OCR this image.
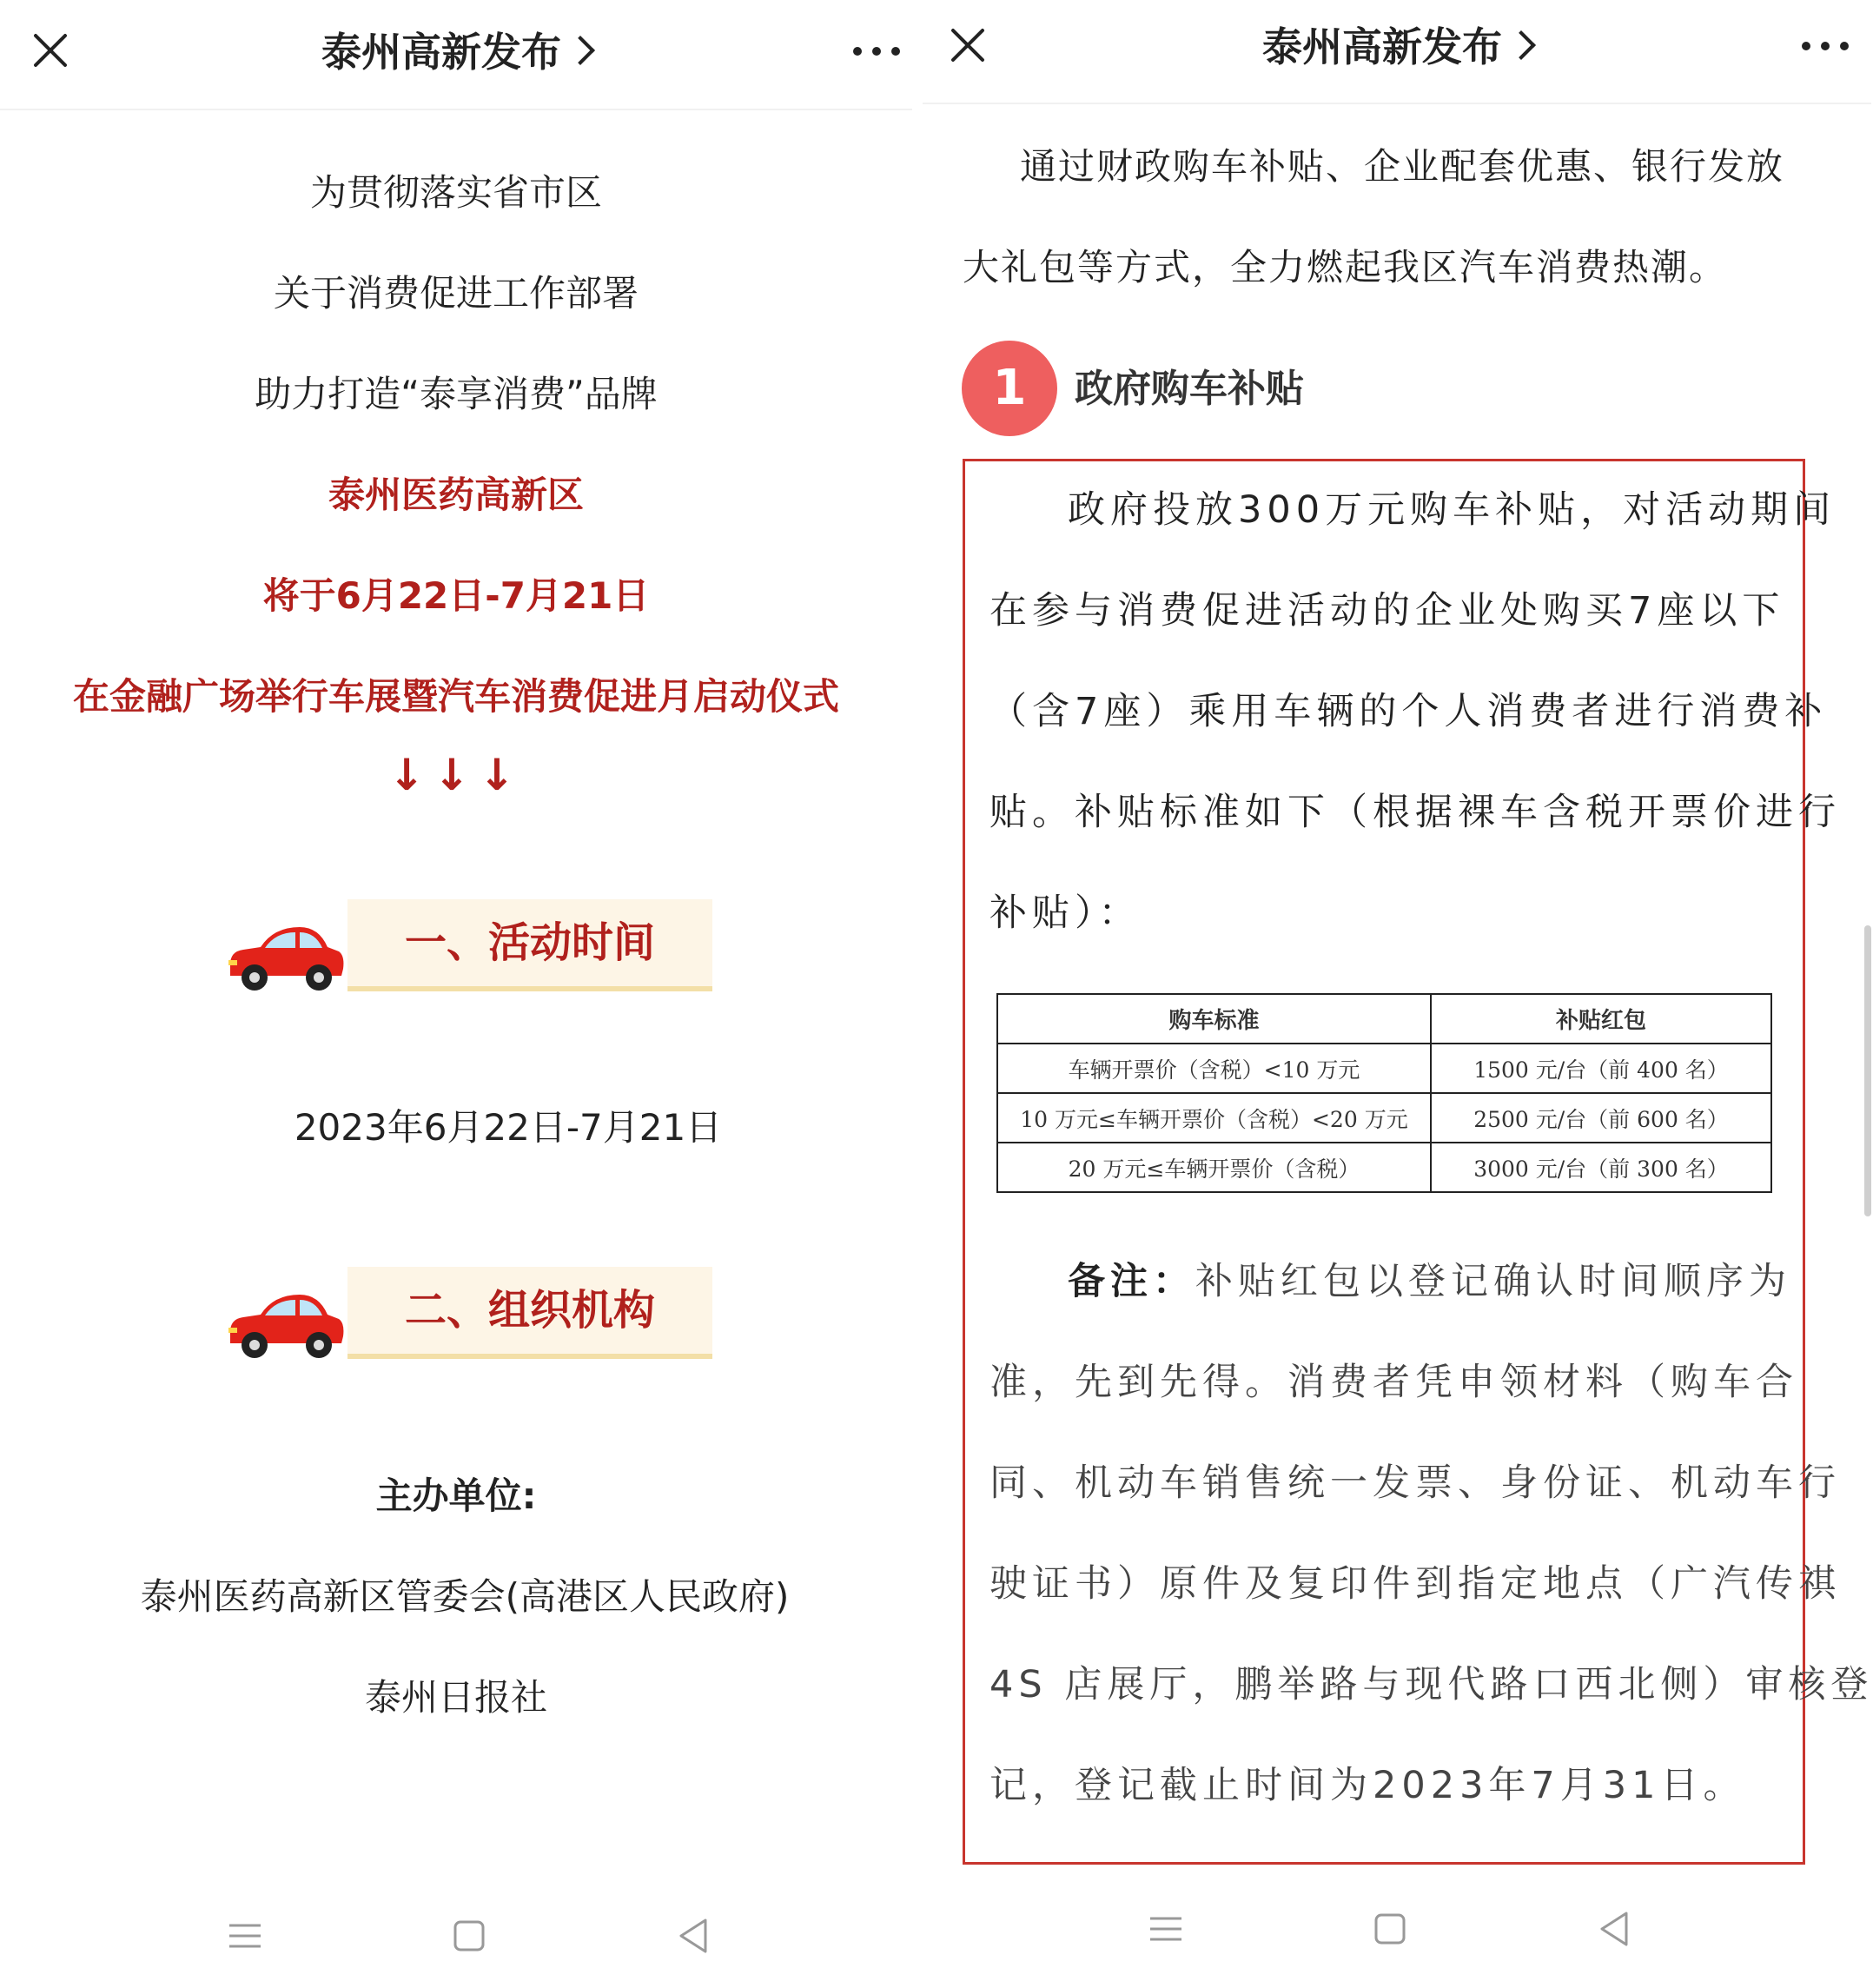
泰州高新发布
为贯彻落实省市区
关于消费促进工作部署
助力打造“泰享消费”品牌
泰州医药高新区
将于6月22日-7月21日
在金融广场举行车展暨汽车消费促进月启动仪式
↓↓↓
一、活动时间
2023年6月22日-7月21日
二、组织机构
主办单位:
泰州医药高新区管委会(高港区人民政府)
泰州日报社
泰州高新发布
通过财政购车补贴、企业配套优惠、银行发放
大礼包等方式，全力燃起我区汽车消费热潮。
1	政府购车补贴

政府投放300万元购车补贴，对活动期间

在参与消费促进活动的企业处购买7座以下

（含7座）乘用车辆的个人消费者进行消费补

贴。补贴标准如下（根据裸车含税开票价进行

补贴）：

购车标准	补贴红包
车辆开票价（含税）<10 万元	1500 元/台（前 400 名）
10 万元≤车辆开票价（含税）<20 万元	2500 元/台（前 600 名）
20 万元≤车辆开票价（含税）	3000 元/台（前 300 名）

备注：补贴红包以登记确认时间顺序为

准，先到先得。消费者凭申领材料（购车合

同、机动车销售统一发票、身份证、机动车行

驶证书）原件及复印件到指定地点（广汽传祺

4S 店展厅，鹏举路与现代路口西北侧）审核登

记，登记截止时间为2023年7月31日。
